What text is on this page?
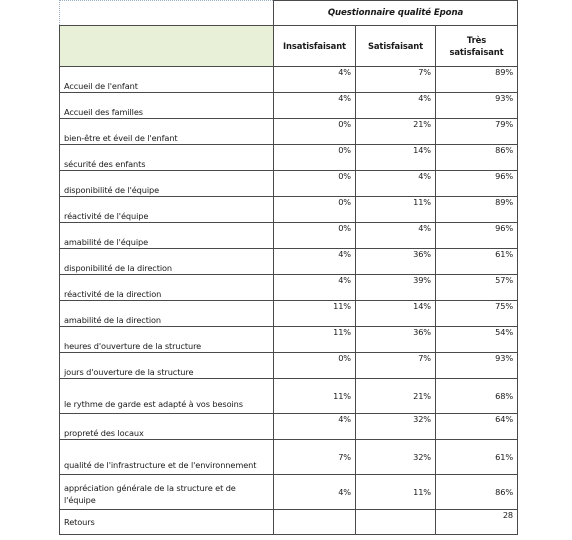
	Questionnaire qualité Epona		
	Insatisfaisant	Satisfaisant	Très satisfaisant
Accueil de l'enfant	4%	7%	89%
Accueil des familles	4%	4%	93%
bien-être et éveil de l'enfant	0%	21%	79%
sécurité des enfants	0%	14%	86%
disponibilité de l'équipe	0%	4%	96%
réactivité de l'équipe	0%	11%	89%
amabilité de l'équipe	0%	4%	96%
disponibilité de la direction	4%	36%	61%
réactivité de la direction	4%	39%	57%
amabilité de la direction	11%	14%	75%
heures d'ouverture de la structure	11%	36%	54%
jours d'ouverture de la structure	0%	7%	93%
le rythme de garde est adapté à vos besoins	11%	21%	68%
propreté des locaux	4%	32%	64%
qualité de l'infrastructure et de l'environnement	7%	32%	61%
appréciation générale de la structure et de l'équipe	4%	11%	86%
Retours			28
